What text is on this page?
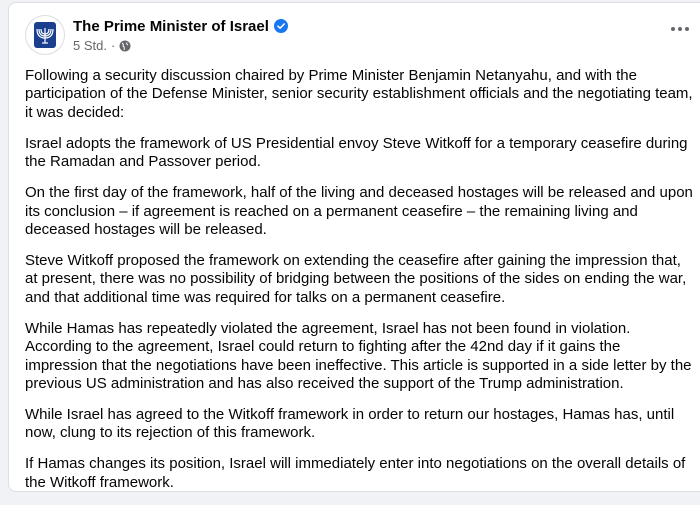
The Prime Minister of Israel
5 Std. ·

Following a security discussion chaired by Prime Minister Benjamin Netanyahu, and with the participation of the Defense Minister, senior security establishment officials and the negotiating team, it was decided:

Israel adopts the framework of US Presidential envoy Steve Witkoff for a temporary ceasefire during the Ramadan and Passover period.

On the first day of the framework, half of the living and deceased hostages will be released and upon its conclusion – if agreement is reached on a permanent ceasefire – the remaining living and deceased hostages will be released.

Steve Witkoff proposed the framework on extending the ceasefire after gaining the impression that, at present, there was no possibility of bridging between the positions of the sides on ending the war, and that additional time was required for talks on a permanent ceasefire.

While Hamas has repeatedly violated the agreement, Israel has not been found in violation. According to the agreement, Israel could return to fighting after the 42nd day if it gains the impression that the negotiations have been ineffective. This article is supported in a side letter by the previous US administration and has also received the support of the Trump administration.

While Israel has agreed to the Witkoff framework in order to return our hostages, Hamas has, until now, clung to its rejection of this framework.

If Hamas changes its position, Israel will immediately enter into negotiations on the overall details of the Witkoff framework.
